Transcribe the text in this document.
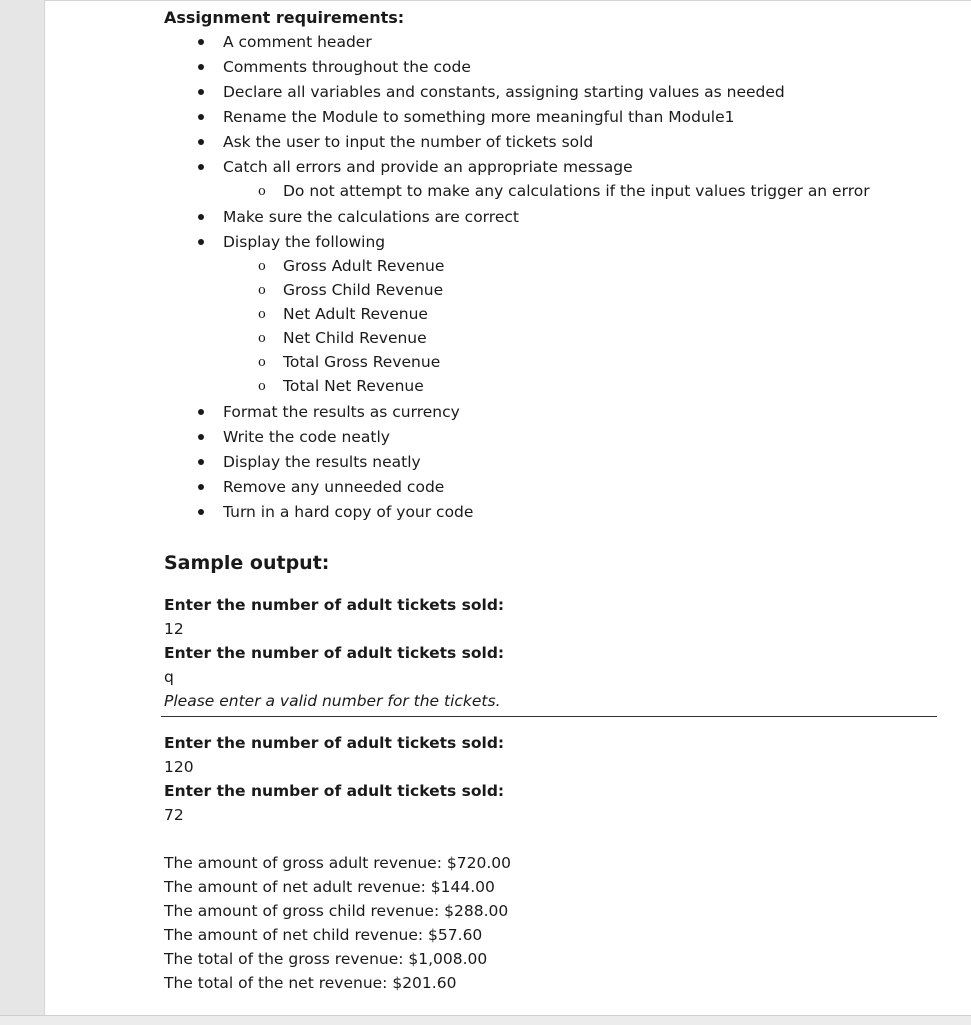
Assignment requirements:
A comment header
Comments throughout the code
Declare all variables and constants, assigning starting values as needed
Rename the Module to something more meaningful than Module1
Ask the user to input the number of tickets sold
Catch all errors and provide an appropriate message
o Do not attempt to make any calculations if the input values trigger an error
Make sure the calculations are correct
Display the following
o Gross Adult Revenue
o Gross Child Revenue
o Net Adult Revenue
o Net Child Revenue
o Total Gross Revenue
o Total Net Revenue
Format the results as currency
Write the code neatly
Display the results neatly
Remove any unneeded code
Turn in a hard copy of your code
Sample output:
Enter the number of adult tickets sold:
12
Enter the number of adult tickets sold:
q
Please enter a valid number for the tickets.
Enter the number of adult tickets sold:
120
Enter the number of adult tickets sold:
72
The amount of gross adult revenue: $720.00
The amount of net adult revenue: $144.00
The amount of gross child revenue: $288.00
The amount of net child revenue: $57.60
The total of the gross revenue: $1,008.00
The total of the net revenue: $201.60
